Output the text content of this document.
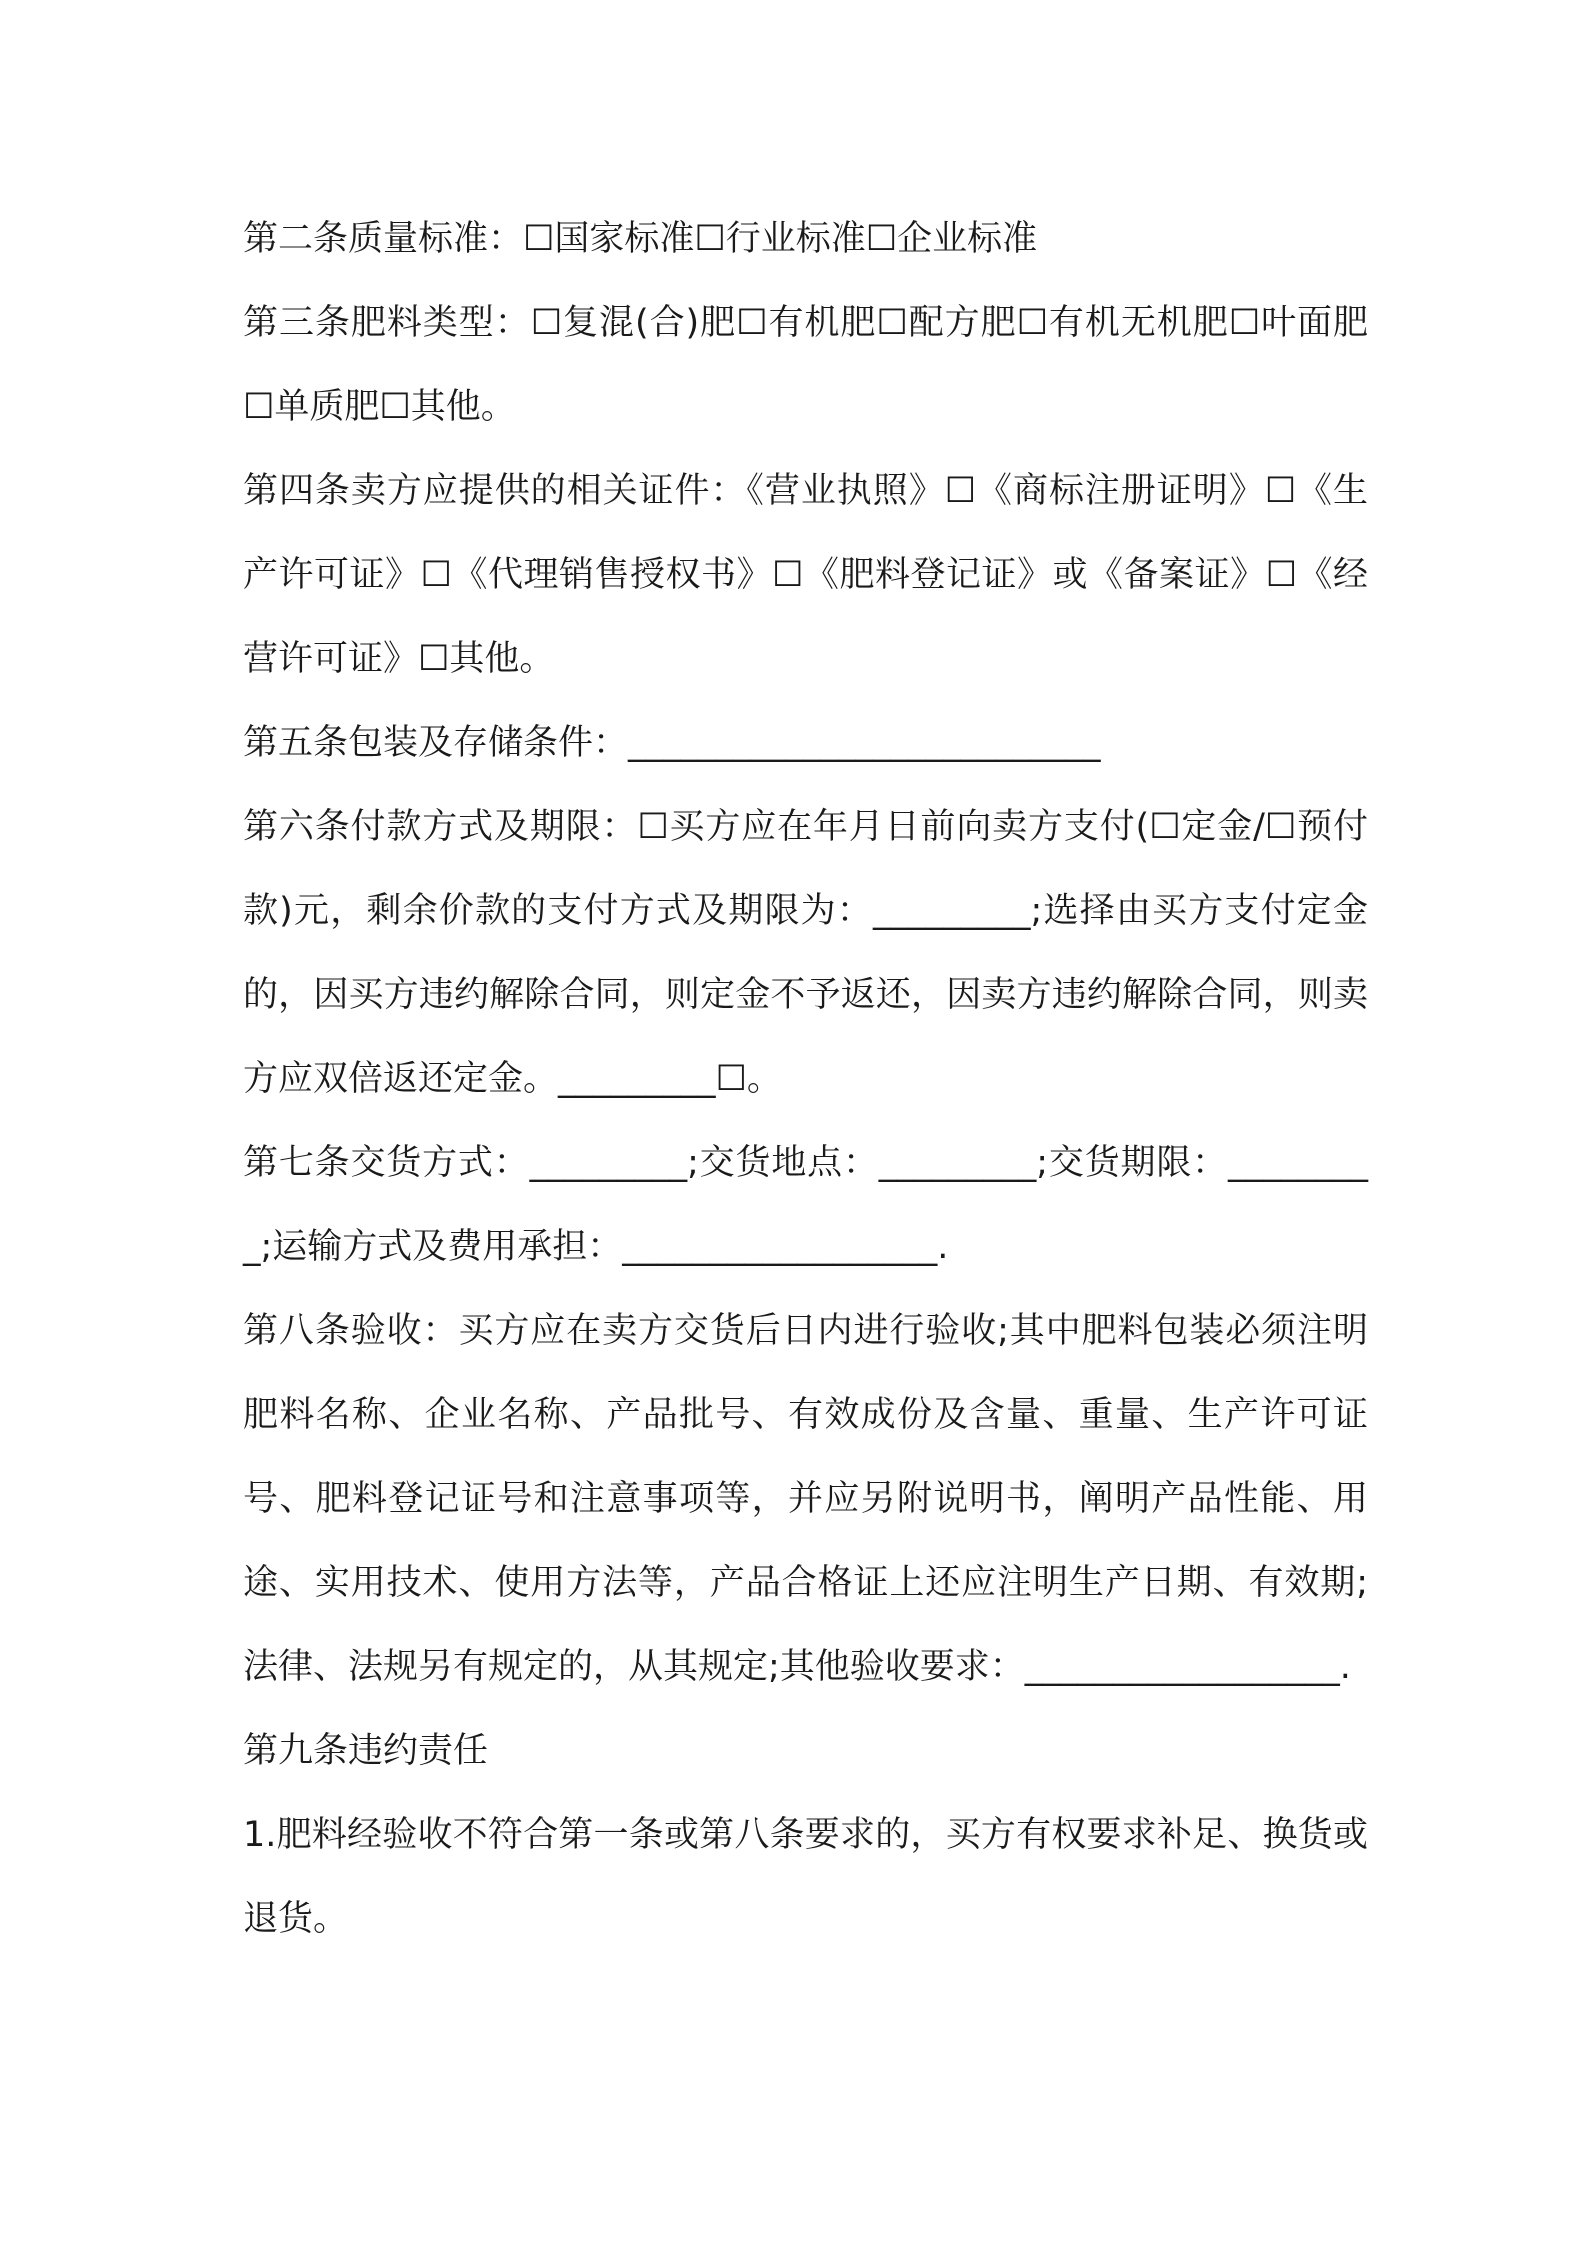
第二条质量标准：☐国家标准☐行业标准☐企业标准

第三条肥料类型：☐复混(合)肥☐有机肥☐配方肥☐有机无机肥☐叶面肥☐单质肥☐其他。

第四条卖方应提供的相关证件：《营业执照》☐《商标注册证明》☐《生产许可证》☐《代理销售授权书》☐《肥料登记证》或《备案证》☐《经营许可证》☐其他。

第五条包装及存储条件：___________________________

第六条付款方式及期限：☐买方应在年月日前向卖方支付(☐定金/☐预付款)元，剩余价款的支付方式及期限为：_________;选择由买方支付定金的，因买方违约解除合同，则定金不予返还，因卖方违约解除合同，则卖方应双倍返还定金。_________☐。

第七条交货方式：_________;交货地点：_________;交货期限：_________;运输方式及费用承担：__________________.

第八条验收：买方应在卖方交货后日内进行验收;其中肥料包装必须注明肥料名称、企业名称、产品批号、有效成份及含量、重量、生产许可证号、肥料登记证号和注意事项等，并应另附说明书，阐明产品性能、用途、实用技术、使用方法等，产品合格证上还应注明生产日期、有效期;法律、法规另有规定的，从其规定;其他验收要求：__________________.

第九条违约责任

1.肥料经验收不符合第一条或第八条要求的，买方有权要求补足、换货或退货。
